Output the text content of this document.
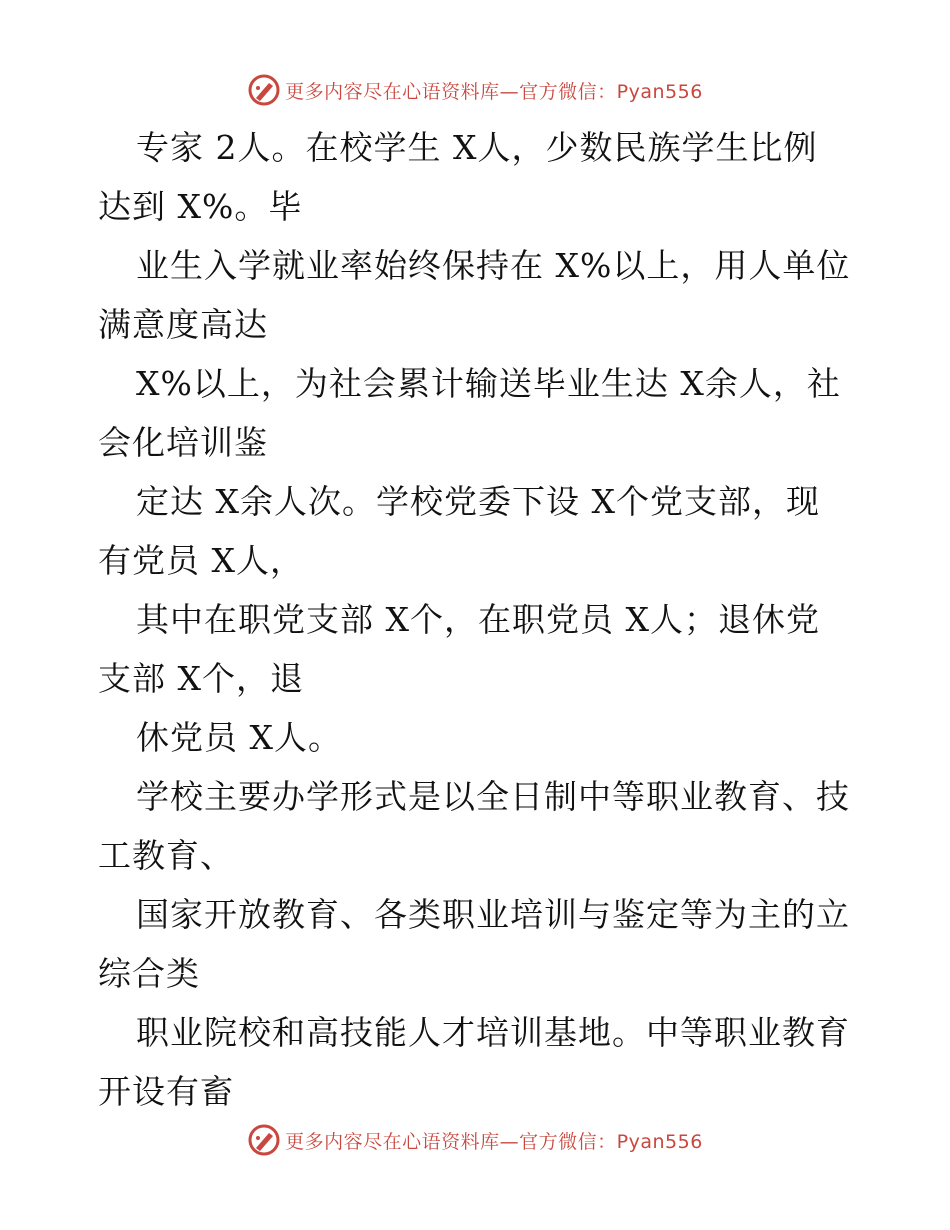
更多内容尽在心语资料库—官方微信：Pyan556
专家 2人。在校学生 X人，少数民族学生比例
达到 X%。毕
业生入学就业率始终保持在 X%以上，用人单位
满意度高达
X%以上，为社会累计输送毕业生达 X余人，社
会化培训鉴
定达 X余人次。学校党委下设 X个党支部，现
有党员 X人，
其中在职党支部 X个，在职党员 X人；退休党
支部 X个，退
休党员 X人。
学校主要办学形式是以全日制中等职业教育、技
工教育、
国家开放教育、各类职业培训与鉴定等为主的立
综合类
职业院校和高技能人才培训基地。中等职业教育
开设有畜
更多内容尽在心语资料库—官方微信：Pyan556
